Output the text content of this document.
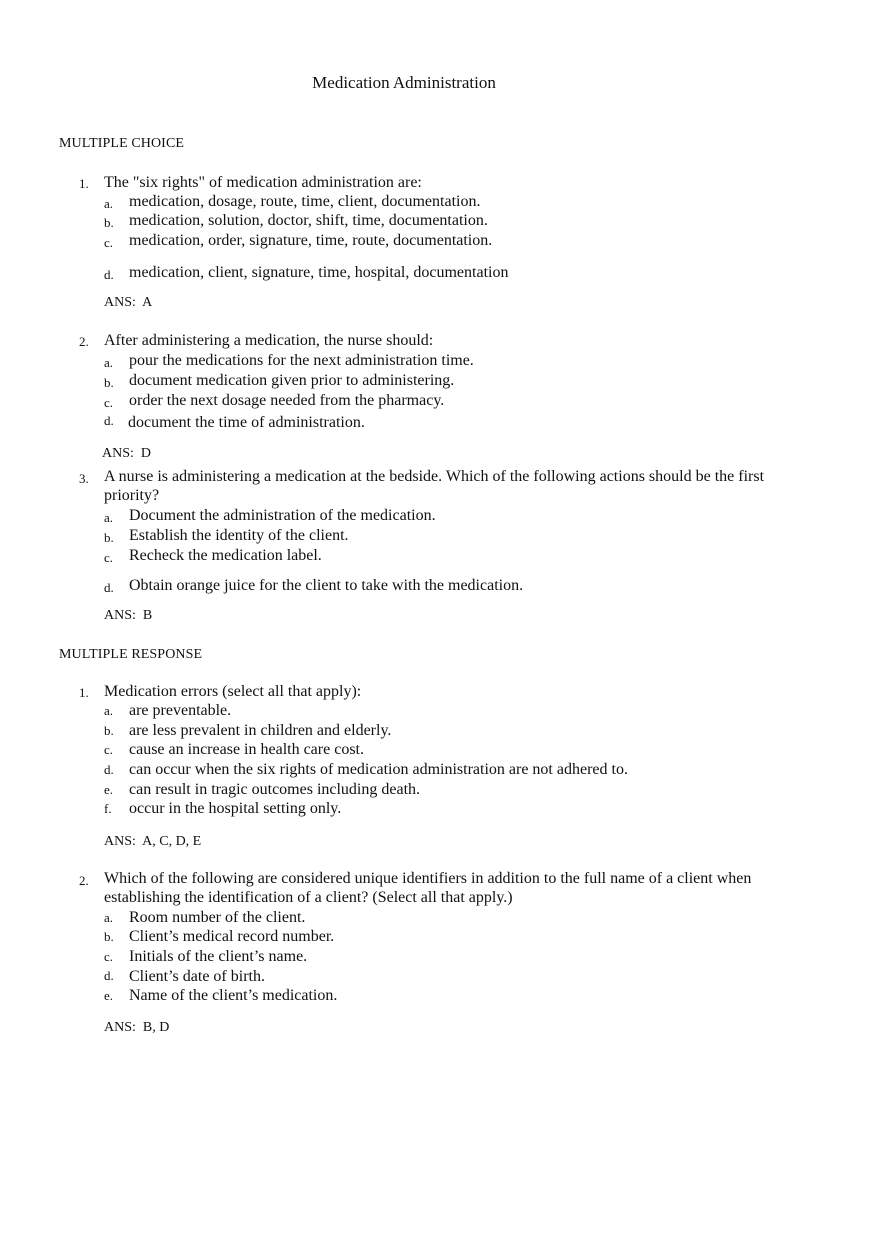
Medication Administration
MULTIPLE CHOICE
1. The "six rights" of medication administration are:
a. medication, dosage, route, time, client, documentation.
b. medication, solution, doctor, shift, time, documentation.
c. medication, order, signature, time, route, documentation.
d. medication, client, signature, time, hospital, documentation
ANS:  A
2. After administering a medication, the nurse should:
a. pour the medications for the next administration time.
b. document medication given prior to administering.
c. order the next dosage needed from the pharmacy.
d. document the time of administration.
ANS:  D
3. A nurse is administering a medication at the bedside. Which of the following actions should be the first priority?
a. Document the administration of the medication.
b. Establish the identity of the client.
c. Recheck the medication label.
d. Obtain orange juice for the client to take with the medication.
ANS:  B
MULTIPLE RESPONSE
1. Medication errors (select all that apply):
a. are preventable.
b. are less prevalent in children and elderly.
c. cause an increase in health care cost.
d. can occur when the six rights of medication administration are not adhered to.
e. can result in tragic outcomes including death.
f. occur in the hospital setting only.
ANS:  A, C, D, E
2. Which of the following are considered unique identifiers in addition to the full name of a client when establishing the identification of a client? (Select all that apply.)
a. Room number of the client.
b. Client’s medical record number.
c. Initials of the client’s name.
d. Client’s date of birth.
e. Name of the client’s medication.
ANS:  B, D
